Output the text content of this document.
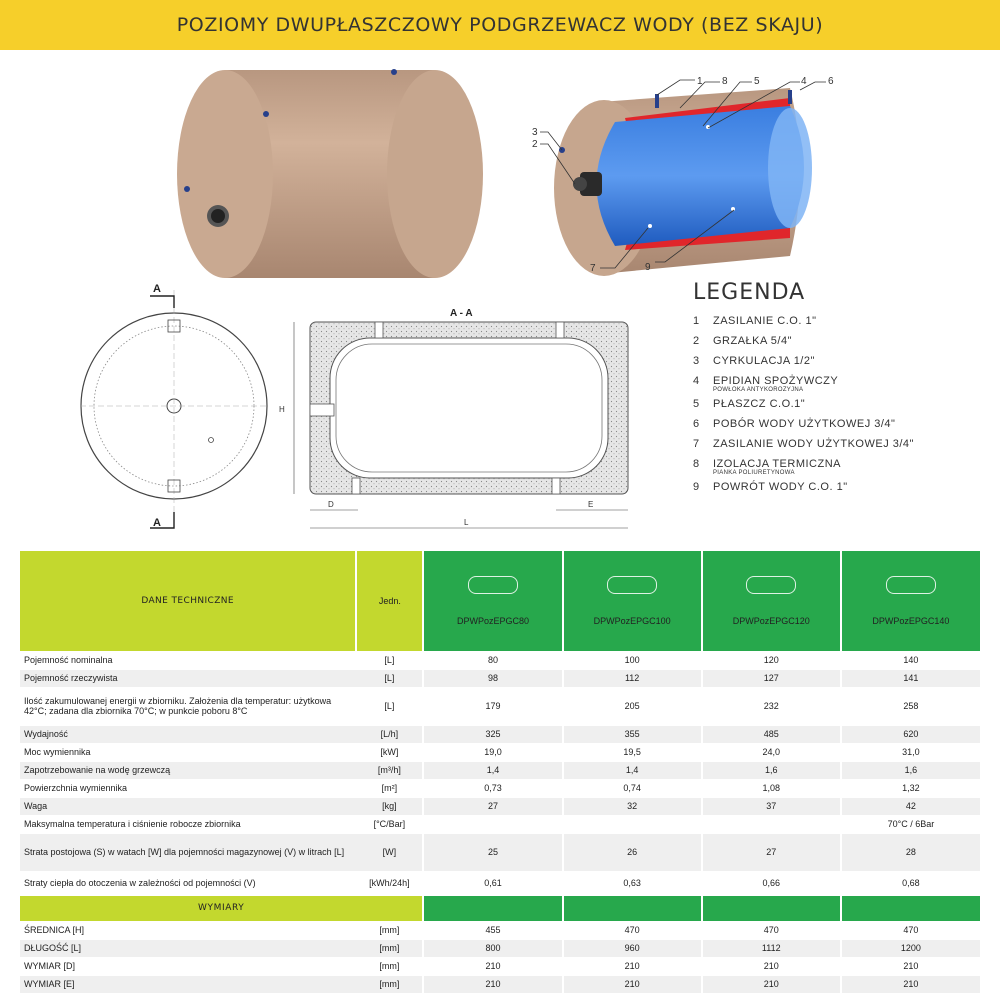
POZIOMY DWUPŁASZCZOWY PODGRZEWACZ WODY (BEZ SKAJU)
1 8	5	4 6
3
2
7	9
A
A
A - A
H
D
L
E
LEGENDA
1	ZASILANIE C.O. 1"
2	GRZAŁKA 5/4"
3	CYRKULACJA 1/2"
4	EPIDIAN SPOŻYWCZY
POWŁOKA ANTYKOROZYJNA
5	PŁASZCZ C.O.1"
6	POBÓR WODY UŻYTKOWEJ 3/4"
7	ZASILANIE WODY UŻYTKOWEJ 3/4"
8	IZOLACJA TERMICZNA
PIANKA POLIURETYNOWA
9	POWRÓT WODY C.O. 1"
DANE TECHNICZNE	Jedn.	DPWPozEPGC80	DPWPozEPGC100	DPWPozEPGC120	DPWPozEPGC140
Pojemność nominalna	[L]	80	100	120	140
Pojemność rzeczywista	[L]	98	112	127	141
Ilość zakumulowanej energii w zbiorniku. Założenia dla temperatur: użytkowa 42°C; zadana dla zbiornika 70°C; w punkcie poboru 8°C	[L]	179	205	232	258
Wydajność	[L/h]	325	355	485	620
Moc wymiennika	[kW]	19,0	19,5	24,0	31,0
Zapotrzebowanie na wodę grzewczą	[m³/h]	1,4	1,4	1,6	1,6
Powierzchnia wymiennika	[m²]	0,73	0,74	1,08	1,32
Waga	[kg]	27	32	37	42
Maksymalna temperatura i ciśnienie robocze zbiornika	[°C/Bar]				70°C / 6Bar
Strata postojowa (S) w watach [W] dla pojemności magazynowej (V) w litrach [L]	[W]	25	26	27	28
Straty ciepła do otoczenia w zależności od pojemności (V)	[kWh/24h]	0,61	0,63	0,66	0,68
WYMIARY					
ŚREDNICA [H]	[mm]	455	470	470	470
DŁUGOŚĆ [L]	[mm]	800	960	1112	1200
WYMIAR [D]	[mm]	210	210	210	210
WYMIAR [E]	[mm]	210	210	210	210
